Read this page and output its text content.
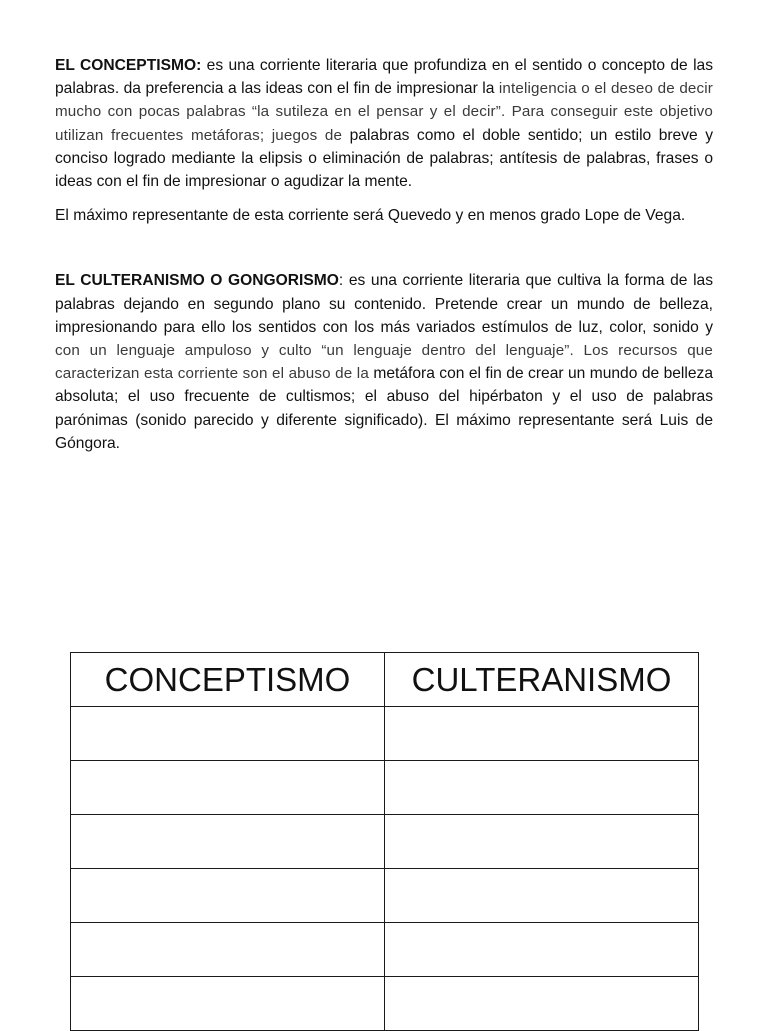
EL CONCEPTISMO: es una corriente literaria que profundiza en el sentido o concepto de las palabras. da preferencia a las ideas con el fin de impresionar la inteligencia o el deseo de decir mucho con pocas palabras “la sutileza en el pensar y el decir”. Para conseguir este objetivo utilizan frecuentes metáforas; juegos de palabras como el doble sentido; un estilo breve y conciso logrado mediante la elipsis o eliminación de palabras; antítesis de palabras, frases o ideas con el fin de impresionar o agudizar la mente.

El máximo representante de esta corriente será Quevedo y en menos grado Lope de Vega.

EL CULTERANISMO O GONGORISMO: es una corriente literaria que cultiva la forma de las palabras dejando en segundo plano su contenido. Pretende crear un mundo de belleza, impresionando para ello los sentidos con los más variados estímulos de luz, color, sonido y con un lenguaje ampuloso y culto “un lenguaje dentro del lenguaje”. Los recursos que caracterizan esta corriente son el abuso de la metáfora con el fin de crear un mundo de belleza absoluta; el uso frecuente de cultismos; el abuso del hipérbaton y el uso de palabras parónimas (sonido parecido y diferente significado). El máximo representante será Luis de Góngora.

CONCEPTISMO	CULTERANISMO
